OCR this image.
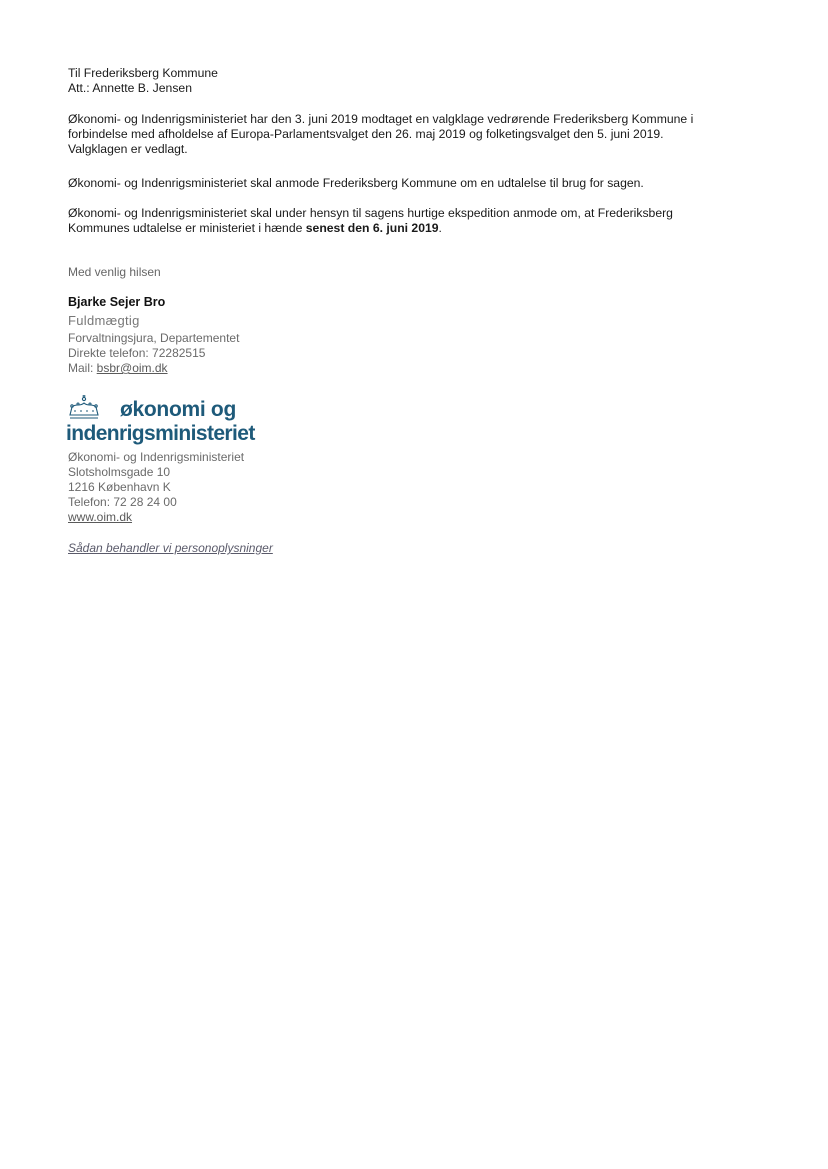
Til Frederiksberg Kommune
Att.: Annette B. Jensen
Økonomi- og Indenrigsministeriet har den 3. juni 2019 modtaget en valgklage vedrørende Frederiksberg Kommune i
forbindelse med afholdelse af Europa-Parlamentsvalget den 26. maj 2019 og folketingsvalget den 5. juni 2019.
Valgklagen er vedlagt.
Økonomi- og Indenrigsministeriet skal anmode Frederiksberg Kommune om en udtalelse til brug for sagen.
Økonomi- og Indenrigsministeriet skal under hensyn til sagens hurtige ekspedition anmode om, at Frederiksberg
Kommunes udtalelse er ministeriet i hænde senest den 6. juni 2019.
Med venlig hilsen
Bjarke Sejer Bro
Fuldmægtig
Forvaltningsjura, Departementet
Direkte telefon: 72282515
Mail: bsbr@oim.dk
økonomi og
indenrigsministeriet
Økonomi- og Indenrigsministeriet
Slotsholmsgade 10
1216 København K
Telefon: 72 28 24 00
www.oim.dk
Sådan behandler vi personoplysninger
